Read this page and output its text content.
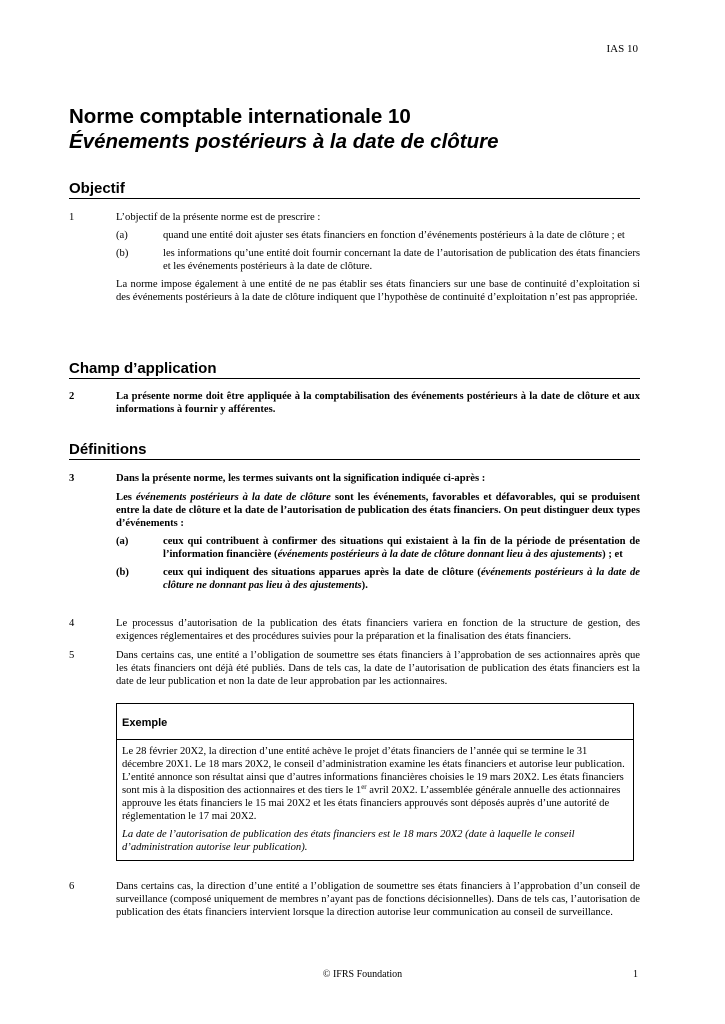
IAS 10
Norme comptable internationale 10
Événements postérieurs à la date de clôture
Objectif
1	L’objectif de la présente norme est de prescrire :
(a)	quand une entité doit ajuster ses états financiers en fonction d’événements postérieurs à la date de clôture ; et
(b)	les informations qu’une entité doit fournir concernant la date de l’autorisation de publication des états financiers et les événements postérieurs à la date de clôture.
La norme impose également à une entité de ne pas établir ses états financiers sur une base de continuité d’exploitation si des événements postérieurs à la date de clôture indiquent que l’hypothèse de continuité d’exploitation n’est pas appropriée.
Champ d’application
2	La présente norme doit être appliquée à la comptabilisation des événements postérieurs à la date de clôture et aux informations à fournir y afférentes.
Définitions
3	Dans la présente norme, les termes suivants ont la signification indiquée ci-après :
Les événements postérieurs à la date de clôture sont les événements, favorables et défavorables, qui se produisent entre la date de clôture et la date de l’autorisation de publication des états financiers. On peut distinguer deux types d’événements :
(a)	ceux qui contribuent à confirmer des situations qui existaient à la fin de la période de présentation de l’information financière (événements postérieurs à la date de clôture donnant lieu à des ajustements) ; et
(b)	ceux qui indiquent des situations apparues après la date de clôture (événements postérieurs à la date de clôture ne donnant pas lieu à des ajustements).
4	Le processus d’autorisation de la publication des états financiers variera en fonction de la structure de gestion, des exigences réglementaires et des procédures suivies pour la préparation et la finalisation des états financiers.
5	Dans certains cas, une entité a l’obligation de soumettre ses états financiers à l’approbation de ses actionnaires après que les états financiers ont déjà été publiés. Dans de tels cas, la date de l’autorisation de publication des états financiers est la date de leur publication et non la date de leur approbation par les actionnaires.
Exemple
Le 28 février 20X2, la direction d’une entité achève le projet d’états financiers de l’année qui se termine le 31 décembre 20X1. Le 18 mars 20X2, le conseil d’administration examine les états financiers et autorise leur publication. L’entité annonce son résultat ainsi que d’autres informations financières choisies le 19 mars 20X2. Les états financiers sont mis à la disposition des actionnaires et des tiers le 1er avril 20X2. L’assemblée générale annuelle des actionnaires approuve les états financiers le 15 mai 20X2 et les états financiers approuvés sont déposés auprès d’une autorité de réglementation le 17 mai 20X2.
La date de l’autorisation de publication des états financiers est le 18 mars 20X2 (date à laquelle le conseil d’administration autorise leur publication).
6	Dans certains cas, la direction d’une entité a l’obligation de soumettre ses états financiers à l’approbation d’un conseil de surveillance (composé uniquement de membres n’ayant pas de fonctions décisionnelles). Dans de tels cas, l’autorisation de publication des états financiers intervient lorsque la direction autorise leur communication au conseil de surveillance.
© IFRS Foundation	1
